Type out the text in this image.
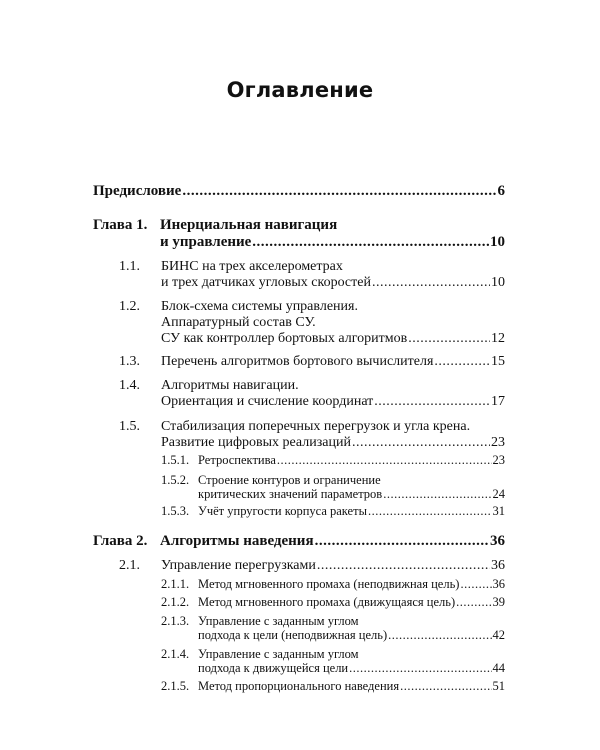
Оглавление
Предисловие .....	6
Глава 1. Инерциальная навигация
и управление .....	10
1.1. БИНС на трех акселерометрах
и трех датчиках угловых скоростей .....	10
1.2. Блок-схема системы управления.
Аппаратурный состав СУ.
СУ как контроллер бортовых алгоритмов .....	12
1.3. Перечень алгоритмов бортового вычислителя .....	15
1.4. Алгоритмы навигации.
Ориентация и счисление координат .....	17
1.5. Стабилизация поперечных перегрузок и угла крена.
Развитие цифровых реализаций .....	23
1.5.1. Ретроспектива .....	23
1.5.2. Строение контуров и ограничение
критических значений параметров .....	24
1.5.3. Учёт упругости корпуса ракеты .....	31
Глава 2. Алгоритмы наведения .....	36
2.1. Управление перегрузками .....	36
2.1.1. Метод мгновенного промаха (неподвижная цель) .....	36
2.1.2. Метод мгновенного промаха (движущаяся цель) .....	39
2.1.3. Управление с заданным углом
подхода к цели (неподвижная цель) .....	42
2.1.4. Управление с заданным углом
подхода к движущейся цели .....	44
2.1.5. Метод пропорционального наведения .....	51
